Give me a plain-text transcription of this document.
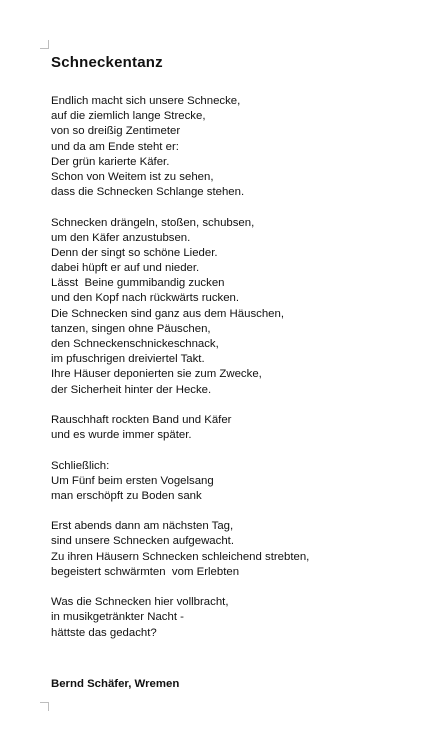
Schneckentanz
Endlich macht sich unsere Schnecke,
auf die ziemlich lange Strecke,
von so dreißig Zentimeter
und da am Ende steht er:
Der grün karierte Käfer.
Schon von Weitem ist zu sehen,
dass die Schnecken Schlange stehen.
Schnecken drängeln, stoßen, schubsen,
um den Käfer anzustubsen.
Denn der singt so schöne Lieder.
dabei hüpft er auf und nieder.
Lässt  Beine gummibandig zucken
und den Kopf nach rückwärts rucken.
Die Schnecken sind ganz aus dem Häuschen,
tanzen, singen ohne Päuschen,
den Schneckenschnickeschnack,
im pfuschrigen dreiviertel Takt.
Ihre Häuser deponierten sie zum Zwecke,
der Sicherheit hinter der Hecke.
Rauschhaft rockten Band und Käfer
und es wurde immer später.
Schließlich:
Um Fünf beim ersten Vogelsang
man erschöpft zu Boden sank
Erst abends dann am nächsten Tag,
sind unsere Schnecken aufgewacht.
Zu ihren Häusern Schnecken schleichend strebten,
begeistert schwärmten  vom Erlebten
Was die Schnecken hier vollbracht,
in musikgetränkter Nacht -
hättste das gedacht?
Bernd Schäfer, Wremen
